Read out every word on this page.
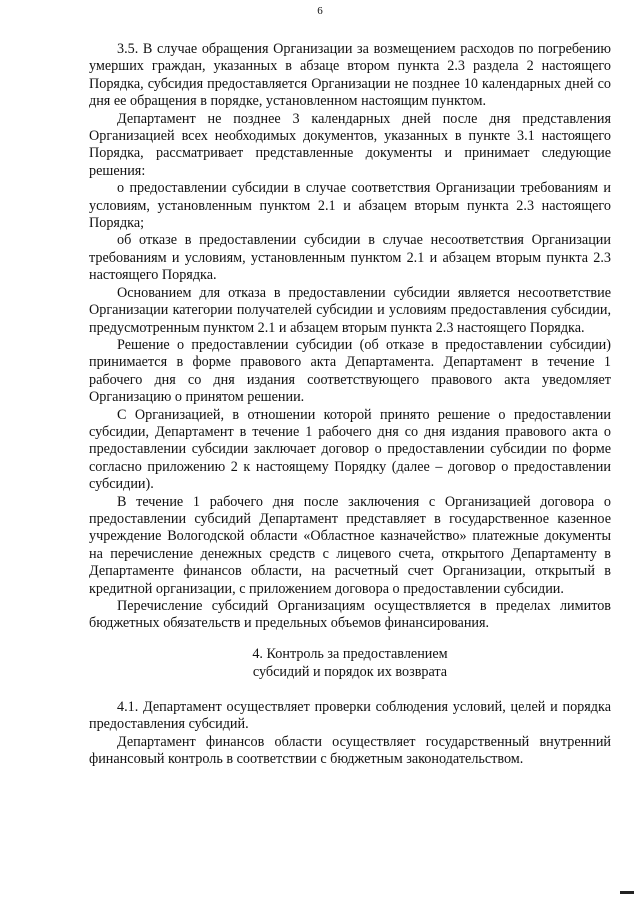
6

3.5. В случае обращения Организации за возмещением расходов по погребению умерших граждан, указанных в абзаце втором пункта 2.3 раздела 2 настоящего Порядка, субсидия предоставляется Организации не позднее 10 календарных дней со дня ее обращения в порядке, установленном настоящим пунктом.

Департамент не позднее 3 календарных дней после дня представления Организацией всех необходимых документов, указанных в пункте 3.1 настоящего Порядка, рассматривает представленные документы и принимает следующие решения:

о предоставлении субсидии в случае соответствия Организации требованиям и условиям, установленным пунктом 2.1 и абзацем вторым пункта 2.3 настоящего Порядка;

об отказе в предоставлении субсидии в случае несоответствия Организации требованиям и условиям, установленным пунктом 2.1 и абзацем вторым пункта 2.3 настоящего Порядка.

Основанием для отказа в предоставлении субсидии является несоответствие Организации категории получателей субсидии и условиям предоставления субсидии, предусмотренным пунктом 2.1 и абзацем вторым пункта 2.3 настоящего Порядка.

Решение о предоставлении субсидии (об отказе в предоставлении субсидии) принимается в форме правового акта Департамента. Департамент в течение 1 рабочего дня со дня издания соответствующего правового акта уведомляет Организацию о принятом решении.

С Организацией, в отношении которой принято решение о предоставлении субсидии, Департамент в течение 1 рабочего дня со дня издания правового акта о предоставлении субсидии заключает договор о предоставлении субсидии по форме согласно приложению 2 к настоящему Порядку (далее – договор о предоставлении субсидии).

В течение 1 рабочего дня после заключения с Организацией договора о предоставлении субсидий Департамент представляет в государственное казенное учреждение Вологодской области «Областное казначейство» платежные документы на перечисление денежных средств с лицевого счета, открытого Департаменту в Департаменте финансов области, на расчетный счет Организации, открытый в кредитной организации, с приложением договора о предоставлении субсидии.

Перечисление субсидий Организациям осуществляется в пределах лимитов бюджетных обязательств и предельных объемов финансирования.

4. Контроль за предоставлением
субсидий и порядок их возврата

4.1. Департамент осуществляет проверки соблюдения условий, целей и порядка предоставления субсидий.

Департамент финансов области осуществляет государственный внутренний финансовый контроль в соответствии с бюджетным законодательством.
